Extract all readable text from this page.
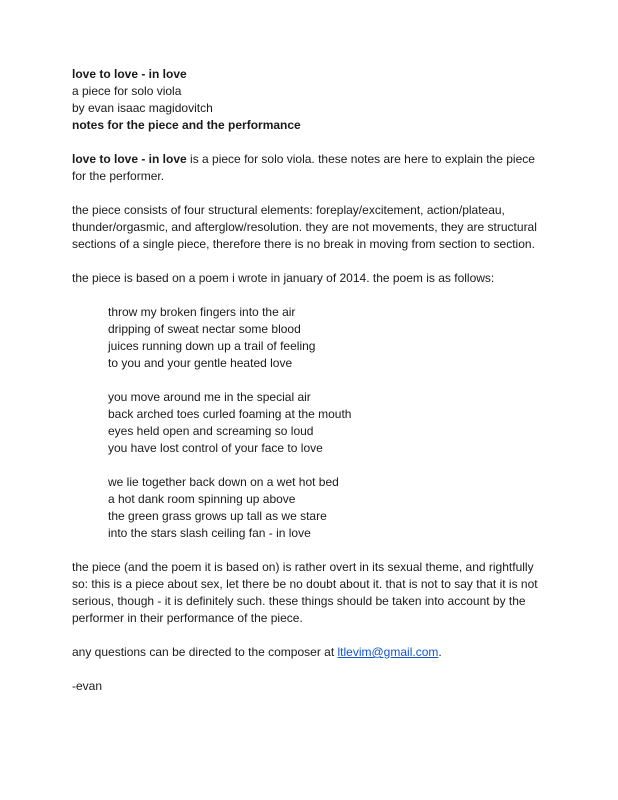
love to love - in love
a piece for solo viola
by evan isaac magidovitch
notes for the piece and the performance
love to love - in love is a piece for solo viola. these notes are here to explain the piece
for the performer.
the piece consists of four structural elements: foreplay/excitement, action/plateau,
thunder/orgasmic, and afterglow/resolution. they are not movements, they are structural
sections of a single piece, therefore there is no break in moving from section to section.
the piece is based on a poem i wrote in january of 2014. the poem is as follows:
throw my broken fingers into the air
dripping of sweat nectar some blood
juices running down up a trail of feeling
to you and your gentle heated love
you move around me in the special air
back arched toes curled foaming at the mouth
eyes held open and screaming so loud
you have lost control of your face to love
we lie together back down on a wet hot bed
a hot dank room spinning up above
the green grass grows up tall as we stare
into the stars slash ceiling fan - in love
the piece (and the poem it is based on) is rather overt in its sexual theme, and rightfully
so: this is a piece about sex, let there be no doubt about it. that is not to say that it is not
serious, though - it is definitely such. these things should be taken into account by the
performer in their performance of the piece.
any questions can be directed to the composer at ltlevim@gmail.com.
-evan
